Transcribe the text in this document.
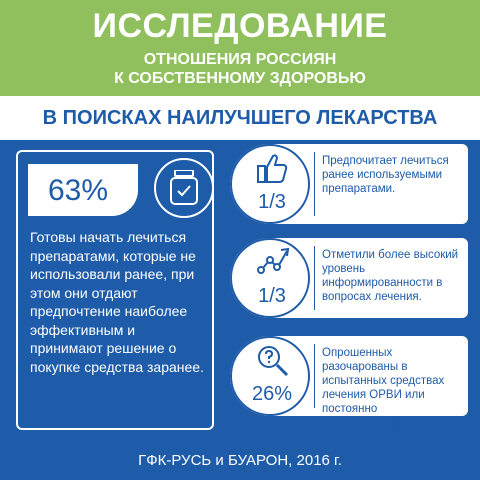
ИССЛЕДОВАНИЕ
ОТНОШЕНИЯ РОССИЯН
К СОБСТВЕННОМУ ЗДОРОВЬЮ
В ПОИСКАХ НАИЛУЧШЕГО ЛЕКАРСТВА
63%

Готовы начать лечиться препаратами, которые не использовали ранее, при этом они отдают предпочтение наиболее эффективным и принимают решение о покупке средства заранее.

1/3

Предпочитает лечиться ранее используемыми препаратами.

1/3

Отметили более высокий уровень информированности в вопросах лечения.

26%

Опрошенных разочарованы в испытанных средствах лечения ОРВИ или постоянно экспериментируют

ГФК-РУСЬ и БУАРОН, 2016 г.
